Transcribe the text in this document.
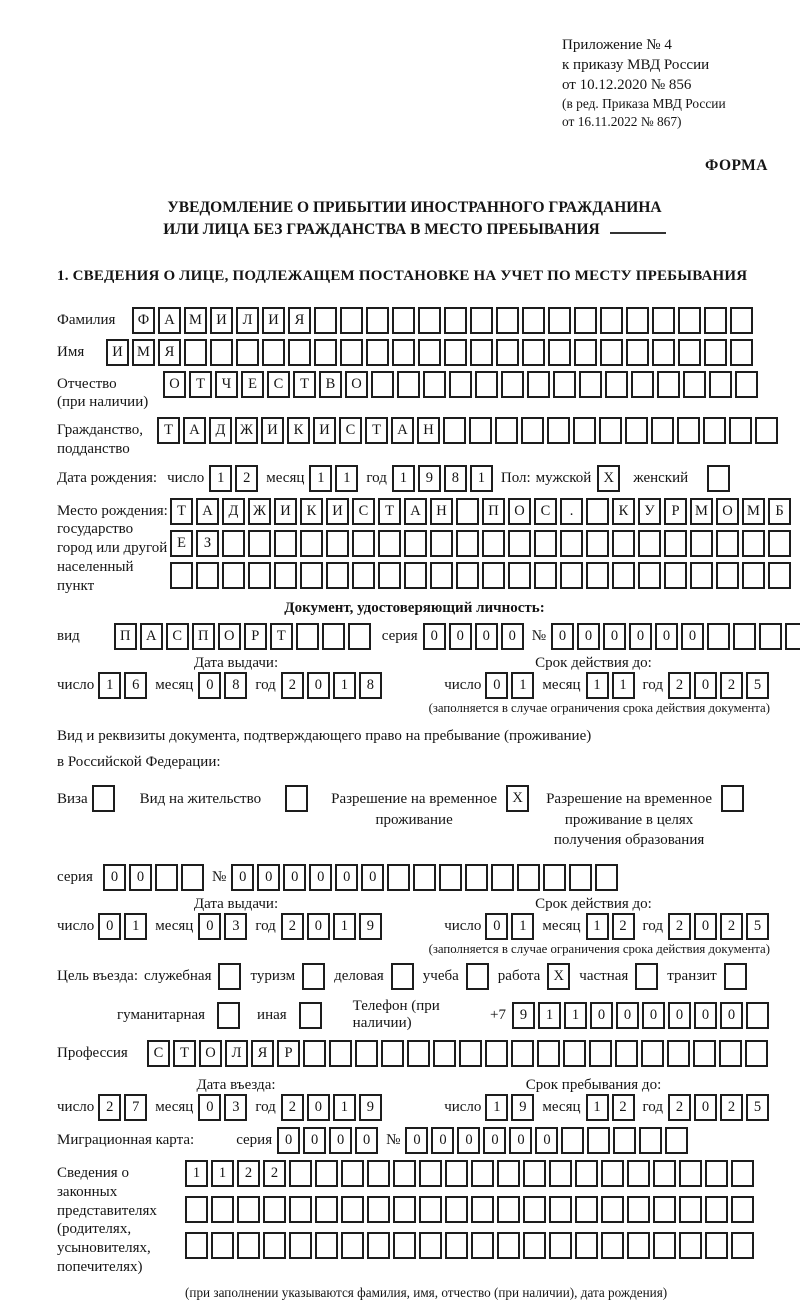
Приложение № 4
к приказу МВД России
от 10.12.2020 № 856
(в ред. Приказа МВД России
от 16.11.2022 № 867)
ФОРМА
УВЕДОМЛЕНИЕ О ПРИБЫТИИ ИНОСТРАННОГО ГРАЖДАНИНА
ИЛИ ЛИЦА БЕЗ ГРАЖДАНСТВА В МЕСТО ПРЕБЫВАНИЯ
1. СВЕДЕНИЯ О ЛИЦЕ, ПОДЛЕЖАЩЕМ ПОСТАНОВКЕ НА УЧЕТ ПО МЕСТУ ПРЕБЫВАНИЯ
Фамилия	Ф А М И Л И Я
Имя	И М Я
Отчество
(при наличии)
О Т Ч Е С Т В О
Гражданство,
подданство
Т А Д Ж И К И С Т А Н
Дата рождения: число 1 2	месяц 1 1	год 1 9 8 1	Пол: мужской X	женский
Место рождения:
государство
город или другой
населенный пункт
Т А Д Ж И К И С Т А Н	П О С .	К У Р М О М Б
Е З
Документ, удостоверяющий личность:
вид	П А С П О Р Т	серия 0 0 0 0	№ 0 0 0 0 0 0
Дата выдачи:	Срок действия до:
число 1 6	месяц 0 8	год 2 0 1 8	число 0 1	месяц 1 1	год 2 0 2 5
(заполняется в случае ограничения срока действия документа)
Вид и реквизиты документа, подтверждающего право на пребывание (проживание)
в Российской Федерации:
Виза	Вид на жительство	Разрешение на временное
проживание
X	Разрешение на временное
проживание в целях
получения образования
серия	0 0	№ 0 0 0 0 0 0
Дата выдачи:	Срок действия до:
число 0 1	месяц 0 3	год 2 0 1 9	число 0 1	месяц 1 2	год 2 0 2 5
(заполняется в случае ограничения срока действия документа)
Цель въезда: служебная	туризм	деловая	учеба	работа X	частная	транзит
гуманитарная	иная
Телефон (при наличии)
+7 9 1 1 0 0 0 0 0 0
Профессия	С Т О Л Я Р
Дата въезда:	Срок пребывания до:
число 2 7	месяц 0 3	год 2 0 1 9	число 1 9	месяц 1 2	год 2 0 2 5
Миграционная карта:	серия 0 0 0 0	№ 0 0 0 0 0 0
Сведения о
законных
представителях
(родителях,
усыновителях,
попечителях)
1 1 2 2
(при заполнении указываются фамилия, имя, отчество (при наличии), дата рождения)
